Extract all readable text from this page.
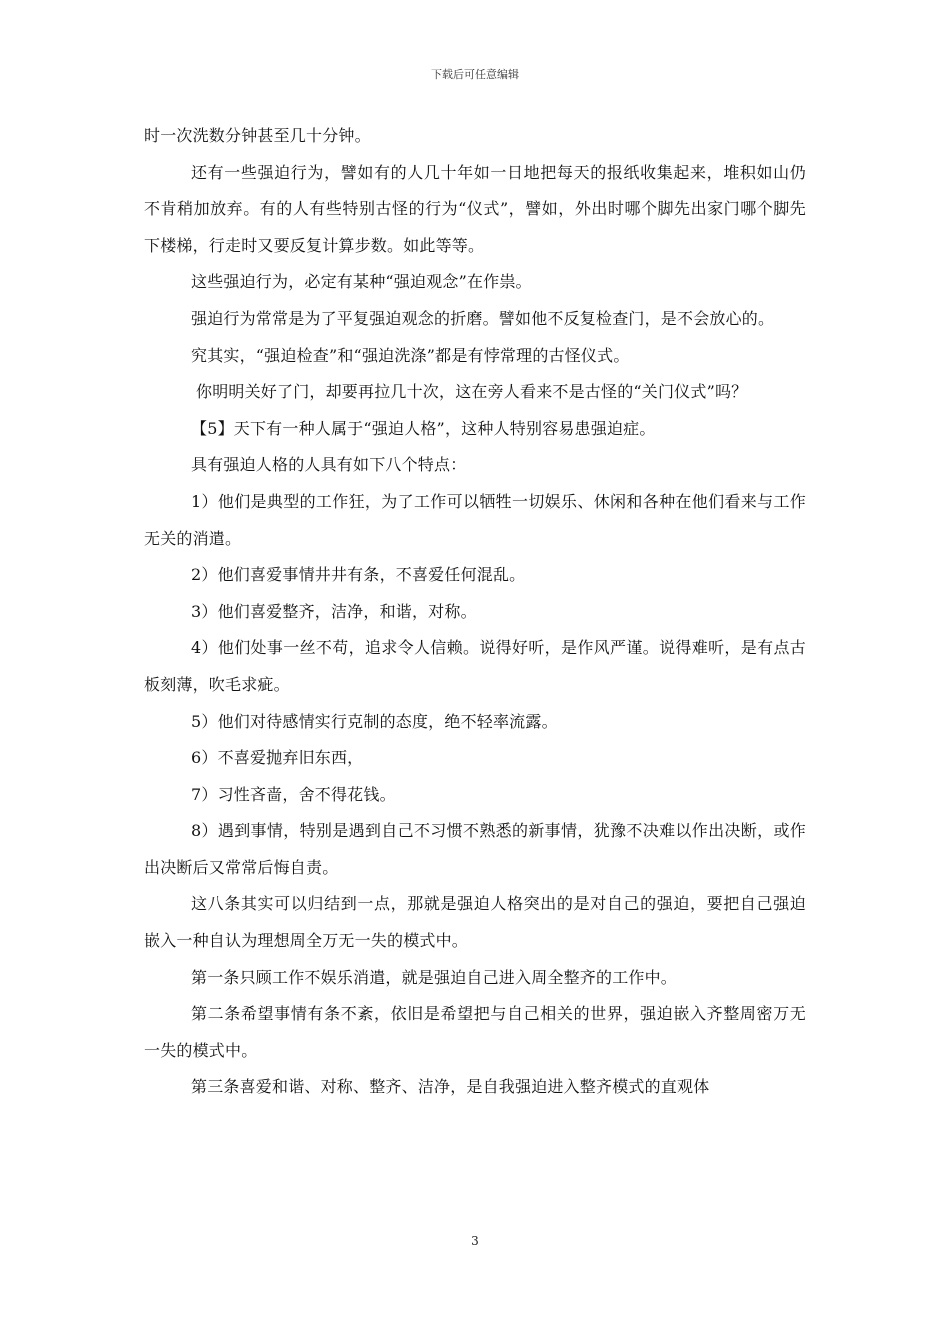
下载后可任意编辑

时一次洗数分钟甚至几十分钟。

还有一些强迫行为，譬如有的人几十年如一日地把每天的报纸收集起来，堆积如山仍不肯稍加放弃。有的人有些特别古怪的行为“仪式”，譬如，外出时哪个脚先出家门哪个脚先下楼梯，行走时又要反复计算步数。如此等等。

这些强迫行为，必定有某种“强迫观念”在作祟。

强迫行为常常是为了平复强迫观念的折磨。譬如他不反复检查门，是不会放心的。

究其实，“强迫检查”和“强迫洗涤”都是有悖常理的古怪仪式。

你明明关好了门，却要再拉几十次，这在旁人看来不是古怪的“关门仪式”吗？

【5】天下有一种人属于“强迫人格”，这种人特别容易患强迫症。

具有强迫人格的人具有如下八个特点：

1）他们是典型的工作狂，为了工作可以牺牲一切娱乐、休闲和各种在他们看来与工作无关的消遣。

2）他们喜爱事情井井有条，不喜爱任何混乱。

3）他们喜爱整齐，洁净，和谐，对称。

4）他们处事一丝不苟，追求令人信赖。说得好听，是作风严谨。说得难听，是有点古板刻薄，吹毛求疵。

5）他们对待感情实行克制的态度，绝不轻率流露。

6）不喜爱抛弃旧东西，

7）习性吝啬，舍不得花钱。

8）遇到事情，特别是遇到自己不习惯不熟悉的新事情，犹豫不决难以作出决断，或作出决断后又常常后悔自责。

这八条其实可以归结到一点，那就是强迫人格突出的是对自己的强迫，要把自己强迫嵌入一种自认为理想周全万无一失的模式中。

第一条只顾工作不娱乐消遣，就是强迫自己进入周全整齐的工作中。

第二条希望事情有条不紊，依旧是希望把与自己相关的世界，强迫嵌入齐整周密万无一失的模式中。

第三条喜爱和谐、对称、整齐、洁净，是自我强迫进入整齐模式的直观体

3
